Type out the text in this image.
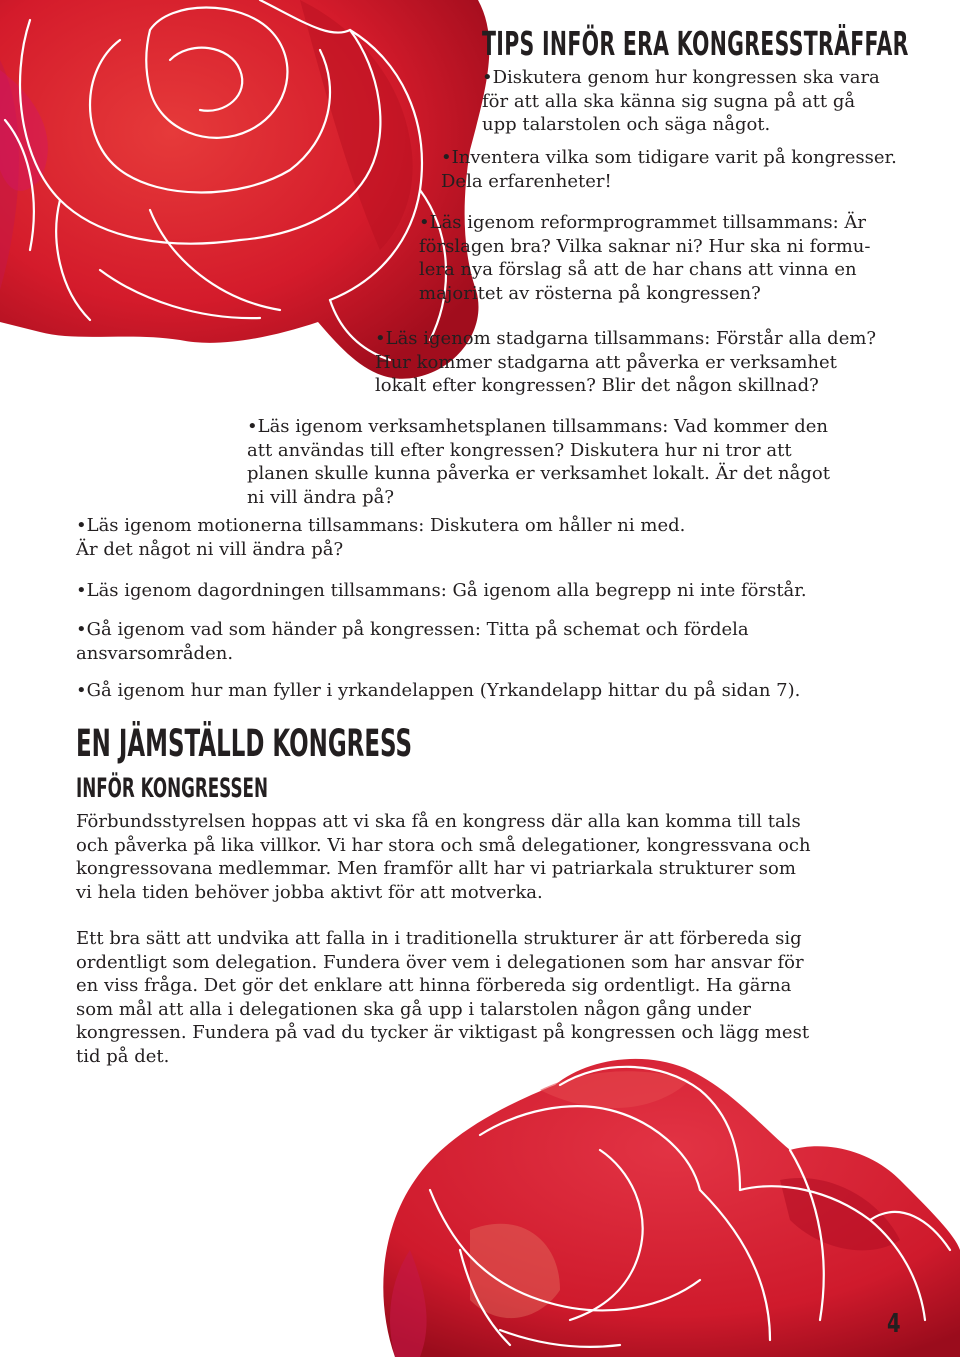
TIPS INFÖR ERA KONGRESSTRÄFFAR

•Diskutera genom hur kongressen ska vara
för att alla ska känna sig sugna på att gå
upp talarstolen och säga något.

•Inventera vilka som tidigare varit på kongresser.
Dela erfarenheter!

•Läs igenom reformprogrammet tillsammans: Är
förslagen bra? Vilka saknar ni? Hur ska ni formu-
lera nya förslag så att de har chans att vinna en
majoritet av rösterna på kongressen?

•Läs igenom stadgarna tillsammans: Förstår alla dem?
Hur kommer stadgarna att påverka er verksamhet
lokalt efter kongressen? Blir det någon skillnad?

•Läs igenom verksamhetsplanen tillsammans: Vad kommer den
att användas till efter kongressen? Diskutera hur ni tror att
planen skulle kunna påverka er verksamhet lokalt. Är det något
ni vill ändra på?

•Läs igenom motionerna tillsammans: Diskutera om håller ni med.
Är det något ni vill ändra på?

•Läs igenom dagordningen tillsammans: Gå igenom alla begrepp ni inte förstår.

•Gå igenom vad som händer på kongressen: Titta på schemat och fördela
ansvarsområden.

•Gå igenom hur man fyller i yrkandelappen (Yrkandelapp hittar du på sidan 7).

EN JÄMSTÄLLD KONGRESS
INFÖR KONGRESSEN

Förbundsstyrelsen hoppas att vi ska få en kongress där alla kan komma till tals
och påverka på lika villkor. Vi har stora och små delegationer, kongressvana och
kongressovana medlemmar. Men framför allt har vi patriarkala strukturer som
vi hela tiden behöver jobba aktivt för att motverka.

Ett bra sätt att undvika att falla in i traditionella strukturer är att förbereda sig
ordentligt som delegation. Fundera över vem i delegationen som har ansvar för
en viss fråga. Det gör det enklare att hinna förbereda sig ordentligt. Ha gärna
som mål att alla i delegationen ska gå upp i talarstolen någon gång under
kongressen. Fundera på vad du tycker är viktigast på kongressen och lägg mest
tid på det.

4
